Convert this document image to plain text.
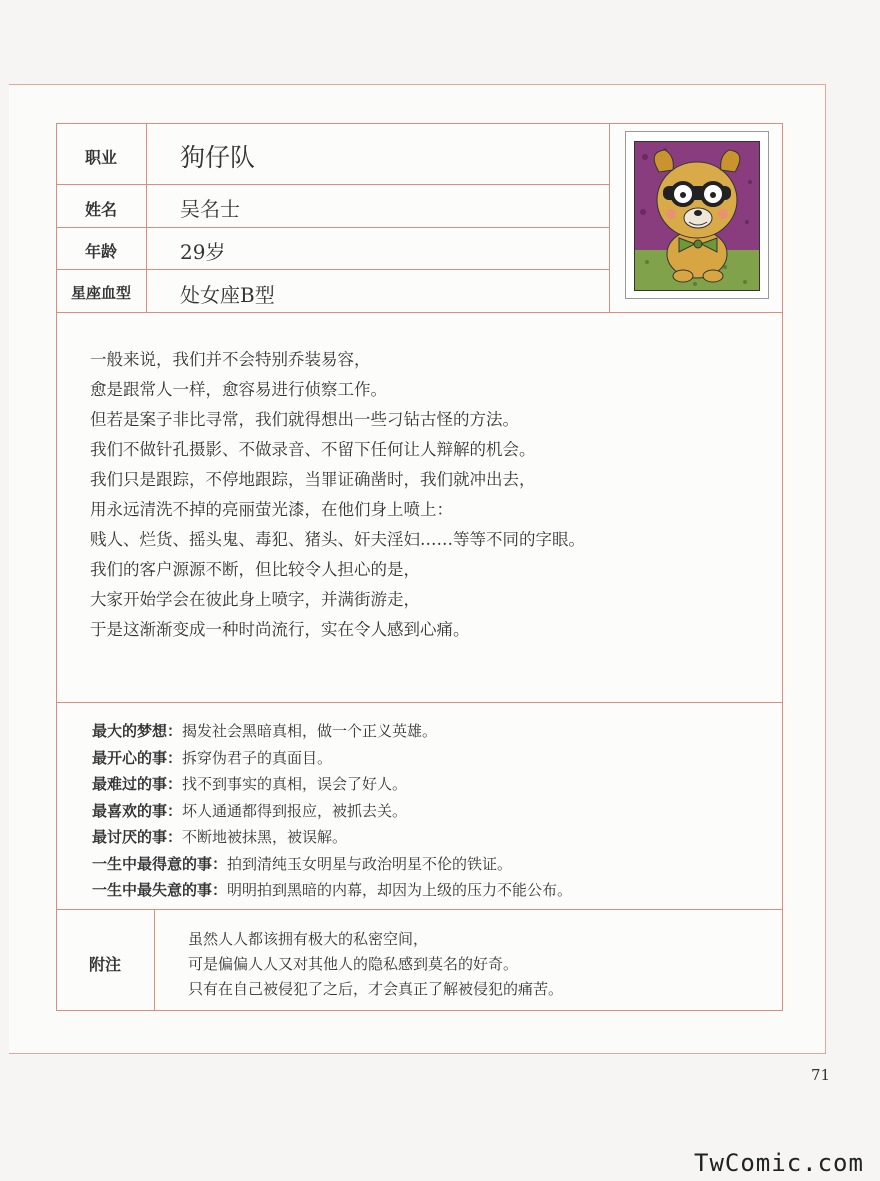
职业	狗仔队
姓名	吴名士
年龄	29岁
星座血型	处女座B型
一般来说，我们并不会特别乔装易容，
愈是跟常人一样，愈容易进行侦察工作。
但若是案子非比寻常，我们就得想出一些刁钻古怪的方法。
我们不做针孔摄影、不做录音、不留下任何让人辩解的机会。
我们只是跟踪，不停地跟踪，当罪证确凿时，我们就冲出去，
用永远清洗不掉的亮丽萤光漆，在他们身上喷上：
贱人、烂货、摇头鬼、毒犯、猪头、奸夫淫妇……等等不同的字眼。
我们的客户源源不断，但比较令人担心的是，
大家开始学会在彼此身上喷字，并满街游走，
于是这渐渐变成一种时尚流行，实在令人感到心痛。
最大的梦想：揭发社会黑暗真相，做一个正义英雄。
最开心的事：拆穿伪君子的真面目。
最难过的事：找不到事实的真相，误会了好人。
最喜欢的事：坏人通通都得到报应，被抓去关。
最讨厌的事：不断地被抹黑，被误解。
一生中最得意的事：拍到清纯玉女明星与政治明星不伦的铁证。
一生中最失意的事：明明拍到黑暗的内幕，却因为上级的压力不能公布。
附注
虽然人人都该拥有极大的私密空间，
可是偏偏人人又对其他人的隐私感到莫名的好奇。
只有在自己被侵犯了之后，才会真正了解被侵犯的痛苦。
71
TwComic.com
